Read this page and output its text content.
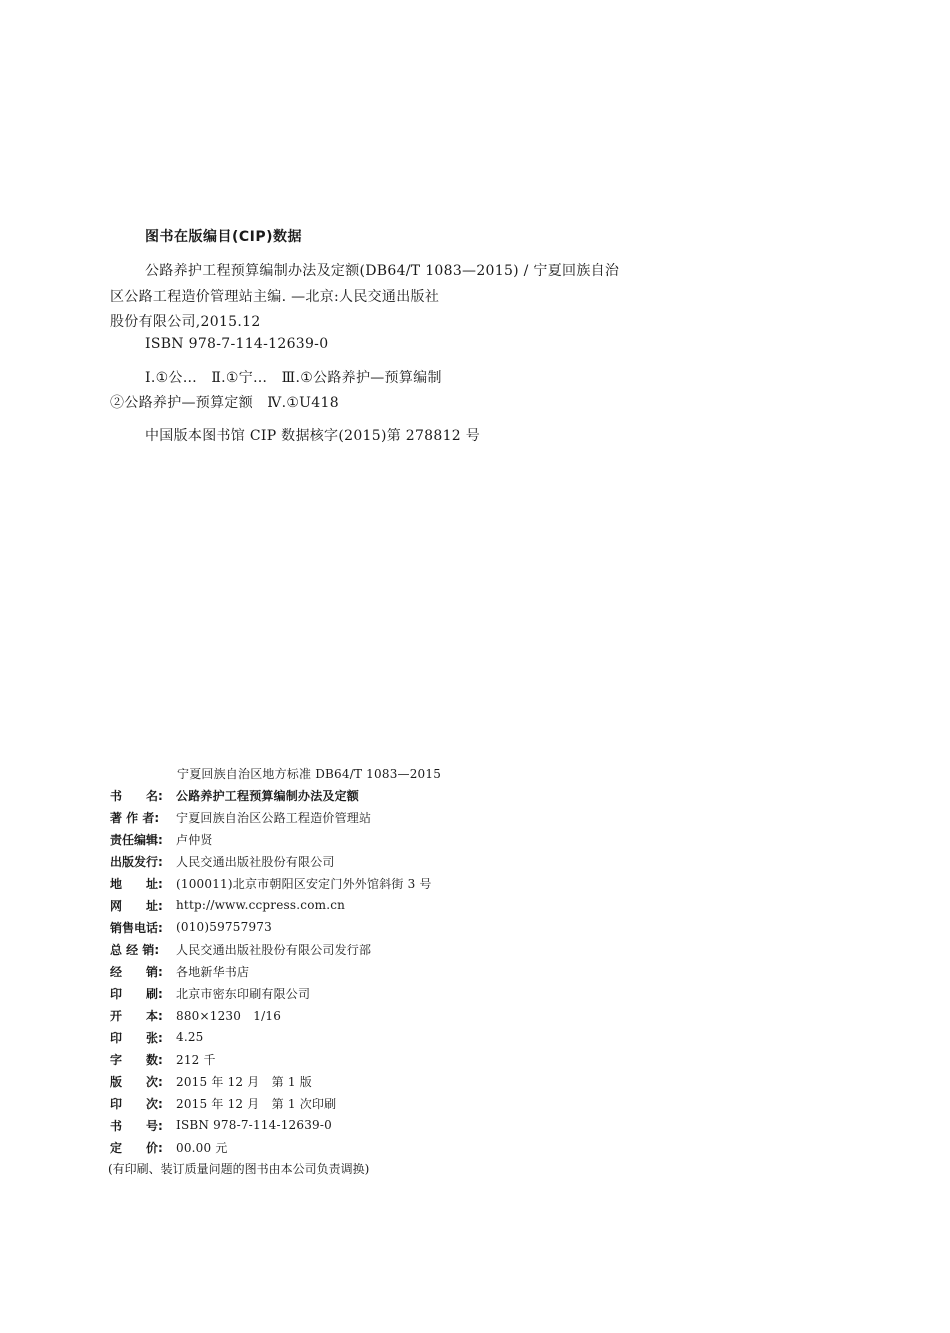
图书在版编目(CIP)数据
公路养护工程预算编制办法及定额(DB64/T 1083—2015) / 宁夏回族自治
区公路工程造价管理站主编. —北京:人民交通出版社
股份有限公司,2015.12
ISBN 978-7-114-12639-0
Ⅰ.①公…　Ⅱ.①宁…　Ⅲ.①公路养护—预算编制
②公路养护—预算定额　Ⅳ.①U418
中国版本图书馆 CIP 数据核字(2015)第 278812 号
宁夏回族自治区地方标准 DB64/T 1083—2015
书　　名:	公路养护工程预算编制办法及定额
著 作 者:	宁夏回族自治区公路工程造价管理站
责任编辑:	卢仲贤
出版发行:	人民交通出版社股份有限公司
地　　址:	(100011)北京市朝阳区安定门外外馆斜街 3 号
网　　址:	http://www.ccpress.com.cn
销售电话:	(010)59757973
总 经 销:	人民交通出版社股份有限公司发行部
经　　销:	各地新华书店
印　　刷:	北京市密东印刷有限公司
开　　本:	880×1230　1/16
印　　张:	4.25
字　　数:	212 千
版　　次:	2015 年 12 月　第 1 版
印　　次:	2015 年 12 月　第 1 次印刷
书　　号:	ISBN 978-7-114-12639-0
定　　价:	00.00 元
(有印刷、装订质量问题的图书由本公司负责调换)
